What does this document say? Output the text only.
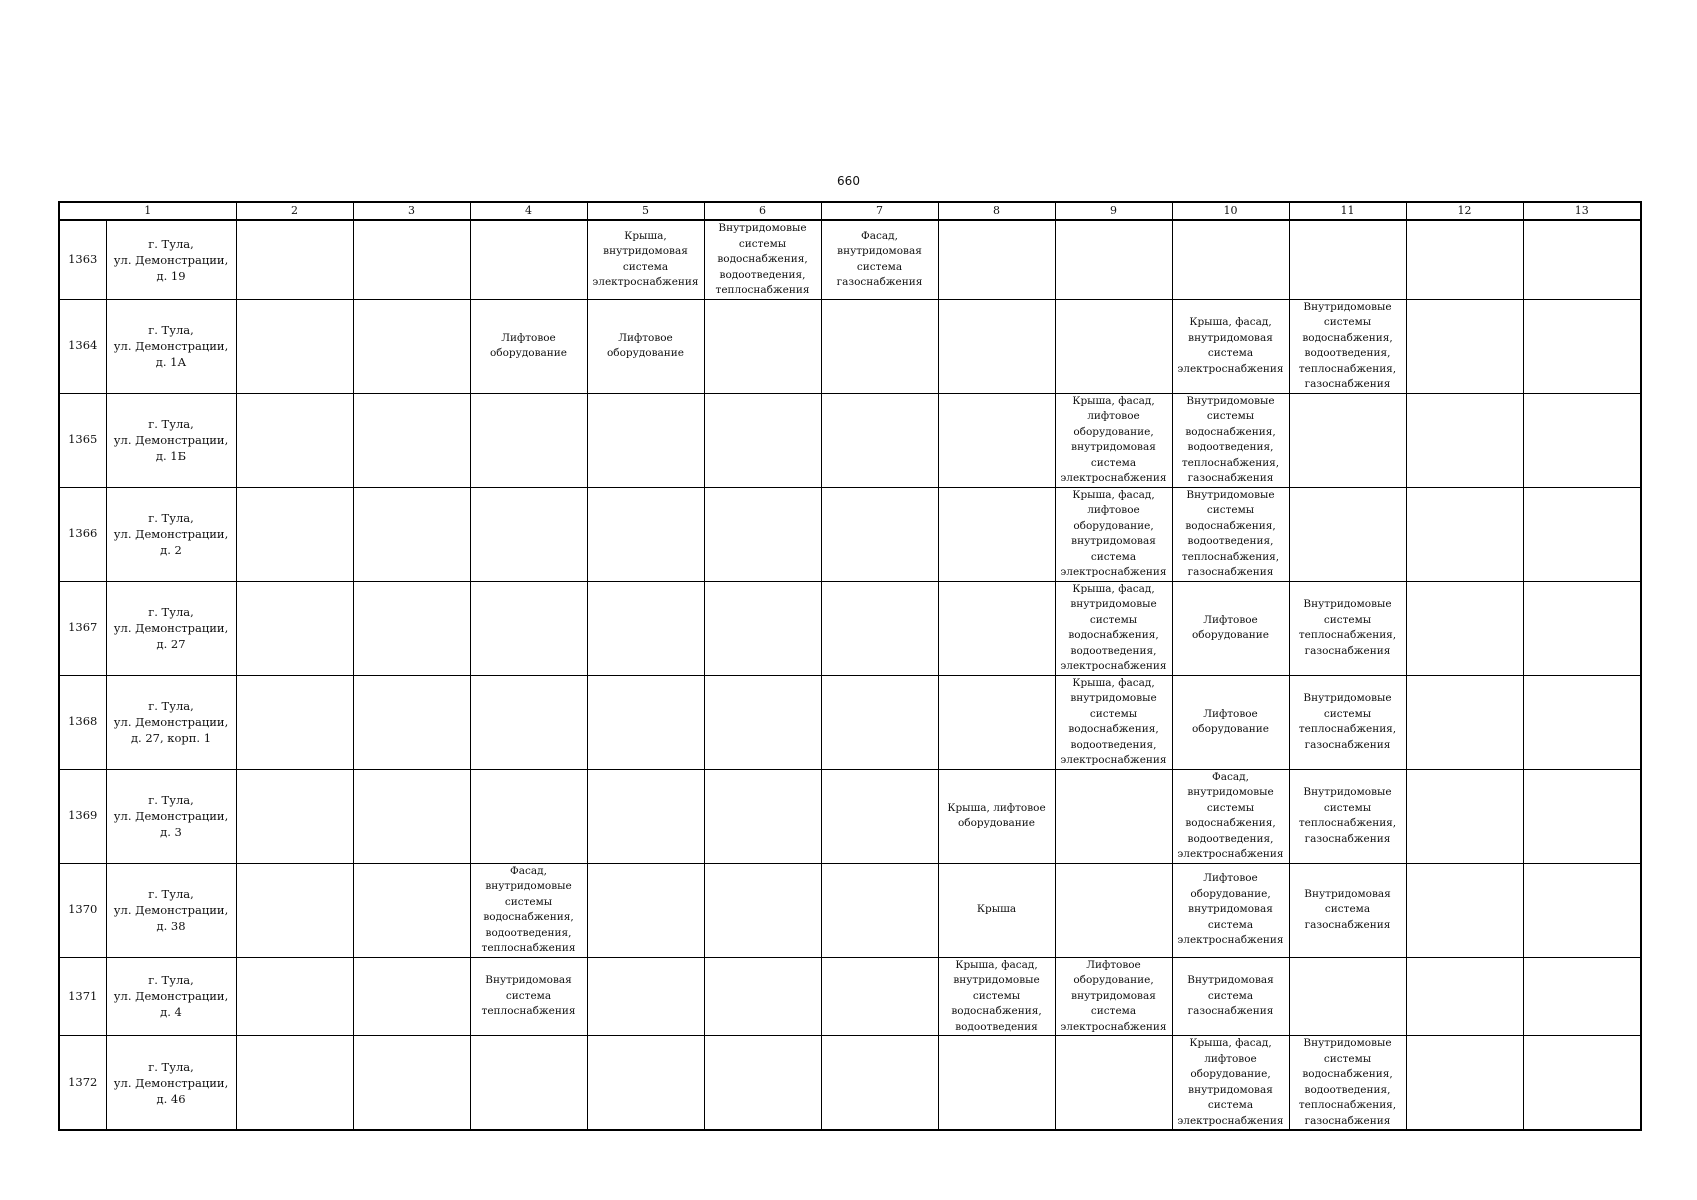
660
1		2	3	4	5	6	7	8	9	10	11	12	13
1363	г. Тула,
ул. Демонстрации,
д. 19				Крыша, внутридомовая система электроснабжения	Внутридомовые системы водоснабжения, водоотведения, теплоснабжения	Фасад, внутридомовая система газоснабжения						
1364	г. Тула,
ул. Демонстрации,
д. 1А			Лифтовое оборудование	Лифтовое оборудование					Крыша, фасад, внутридомовая система электроснабжения	Внутридомовые системы водоснабжения, водоотведения, теплоснабжения, газоснабжения		
1365	г. Тула,
ул. Демонстрации,
д. 1Б								Крыша, фасад, лифтовое оборудование, внутридомовая система электроснабжения	Внутридомовые системы водоснабжения, водоотведения, теплоснабжения, газоснабжения			
1366	г. Тула,
ул. Демонстрации,
д. 2								Крыша, фасад, лифтовое оборудование, внутридомовая система электроснабжения	Внутридомовые системы водоснабжения, водоотведения, теплоснабжения, газоснабжения			
1367	г. Тула,
ул. Демонстрации,
д. 27								Крыша, фасад, внутридомовые системы водоснабжения, водоотведения, электроснабжения	Лифтовое оборудование	Внутридомовые системы теплоснабжения, газоснабжения		
1368	г. Тула,
ул. Демонстрации,
д. 27, корп. 1								Крыша, фасад, внутридомовые системы водоснабжения, водоотведения, электроснабжения	Лифтовое оборудование	Внутридомовые системы теплоснабжения, газоснабжения		
1369	г. Тула,
ул. Демонстрации,
д. 3							Крыша, лифтовое оборудование		Фасад, внутридомовые системы водоснабжения, водоотведения, электроснабжения	Внутридомовые системы теплоснабжения, газоснабжения		
1370	г. Тула,
ул. Демонстрации,
д. 38			Фасад, внутридомовые системы водоснабжения, водоотведения, теплоснабжения				Крыша		Лифтовое оборудование, внутридомовая система электроснабжения	Внутридомовая система газоснабжения		
1371	г. Тула,
ул. Демонстрации,
д. 4			Внутридомовая система теплоснабжения				Крыша, фасад, внутридомовые системы водоснабжения, водоотведения	Лифтовое оборудование, внутридомовая система электроснабжения	Внутридомовая система газоснабжения			
1372	г. Тула,
ул. Демонстрации,
д. 46									Крыша, фасад, лифтовое оборудование, внутридомовая система электроснабжения	Внутридомовые системы водоснабжения, водоотведения, теплоснабжения, газоснабжения		
